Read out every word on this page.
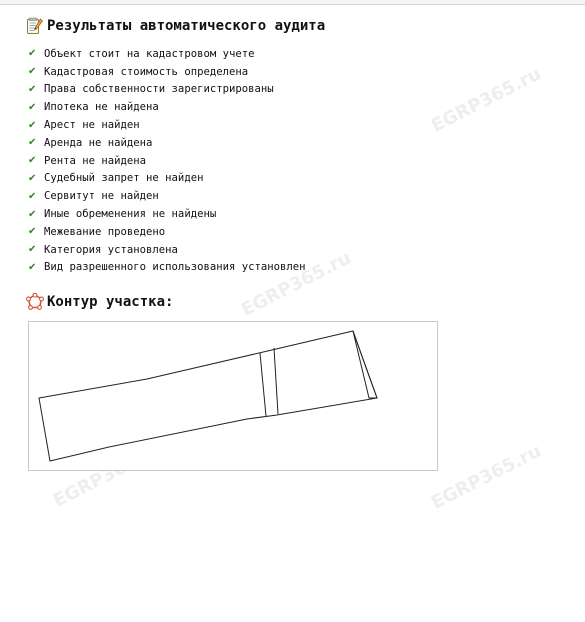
EGRP365.ru
EGRP365.ru
EGRP365.ru
EGRP365.ru
Результаты автоматического аудита
✔ Объект стоит на кадастровом учете
✔ Кадастровая стоимость определена
✔ Права собственности зарегистрированы
✔ Ипотека не найдена
✔ Арест не найден
✔ Аренда не найдена
✔ Рента не найдена
✔ Судебный запрет не найден
✔ Сервитут не найден
✔ Иные обременения не найдены
✔ Межевание проведено
✔ Категория установлена
✔ Вид разрешенного использования установлен
Контур участка:
